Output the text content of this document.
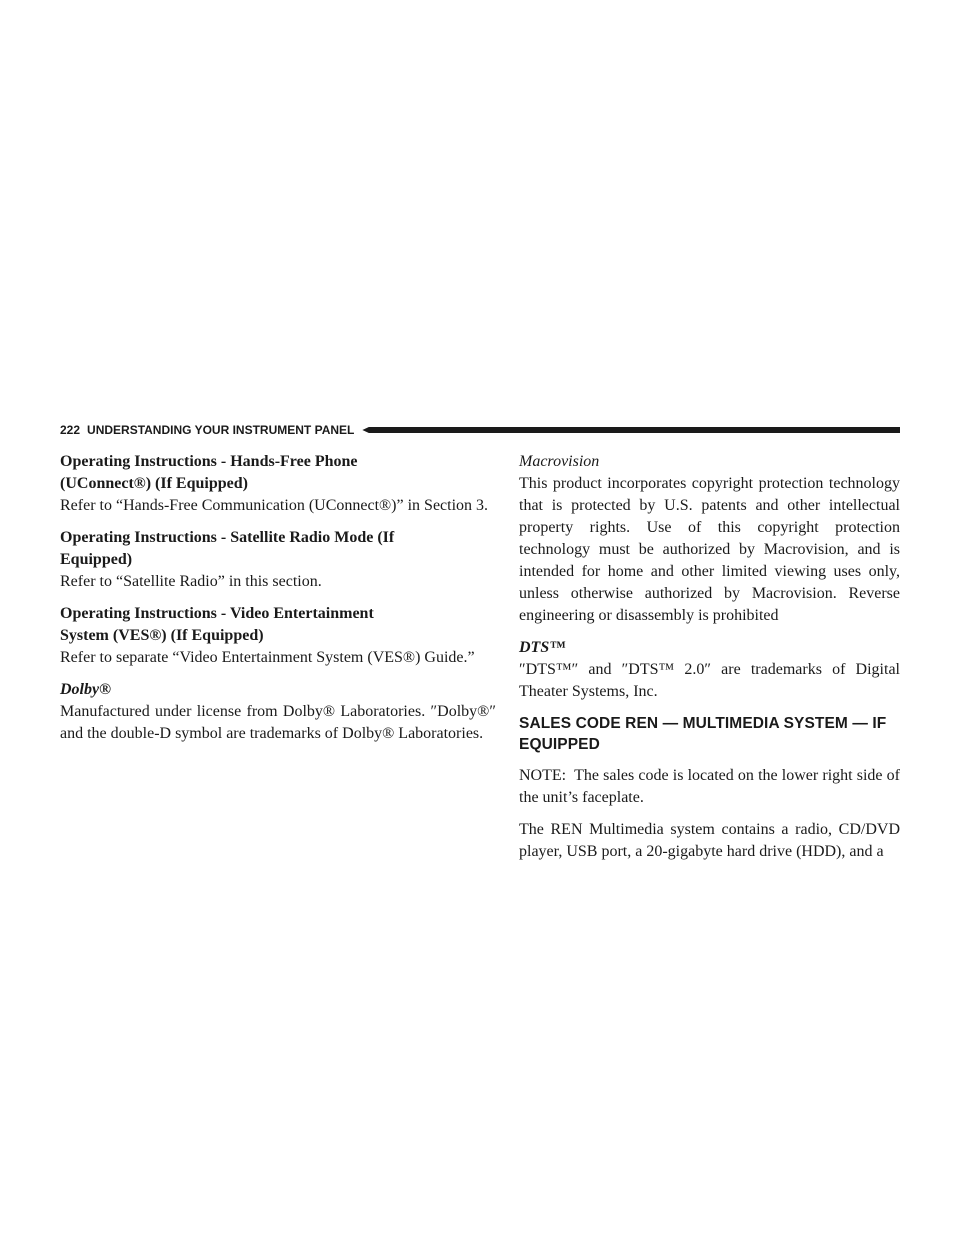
222 UNDERSTANDING YOUR INSTRUMENT PANEL
Operating Instructions - Hands-Free Phone
(UConnect®) (If Equipped)

Refer to “Hands-Free Communication (UConnect®)” in Section 3.

Operating Instructions - Satellite Radio Mode (If
Equipped)

Refer to “Satellite Radio” in this section.

Operating Instructions - Video Entertainment
System (VES®) (If Equipped)

Refer to separate “Video Entertainment System (VES®) Guide.”

Dolby®

Manufactured under license from Dolby® Laboratories. ″Dolby®″ and the double-D symbol are trademarks of Dolby® Laboratories.

Macrovision

This product incorporates copyright protection technology that is protected by U.S. patents and other intellectual property rights. Use of this copyright protection technology must be authorized by Macrovision, and is intended for home and other limited viewing uses only, unless otherwise authorized by Macrovision. Reverse engineering or disassembly is prohibited

DTS™

″DTS™″ and ″DTS™ 2.0″ are trademarks of Digital Theater Systems, Inc.

SALES CODE REN — MULTIMEDIA SYSTEM — IF EQUIPPED

NOTE: The sales code is located on the lower right side of the unit’s faceplate.

The REN Multimedia system contains a radio, CD/DVD player, USB port, a 20-gigabyte hard drive (HDD), and a
